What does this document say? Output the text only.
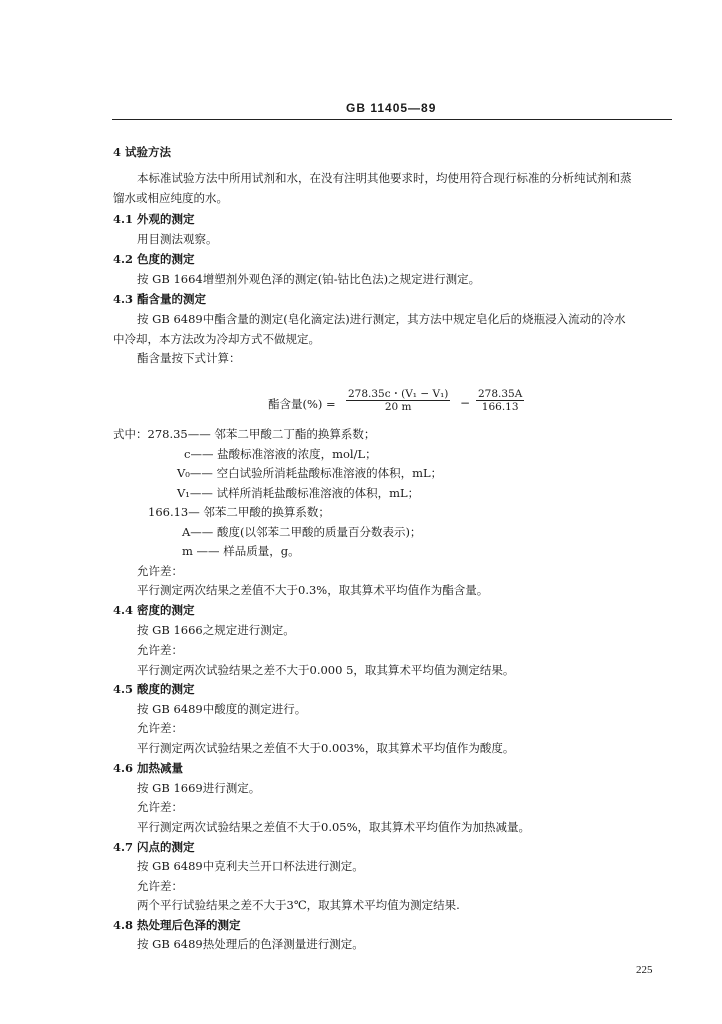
GB 11405—89
4 试验方法
本标准试验方法中所用试剂和水，在没有注明其他要求时，均使用符合现行标准的分析纯试剂和蒸
馏水或相应纯度的水。
4.1 外观的测定
用目测法观察。
4.2 色度的测定
按 GB 1664增塑剂外观色泽的测定(铂-钴比色法)之规定进行测定。
4.3 酯含量的测定
按 GB 6489中酯含量的测定(皂化滴定法)进行测定，其方法中规定皂化后的烧瓶浸入流动的冷水
中冷却，本方法改为冷却方式不做规定。
酯含量按下式计算：
酯含量(%) = $\frac{\text{278.35c・(V₁ − V₁)}}{20 m} - \frac{278.35A}{166.13}$
式中：278.35—— 邻苯二甲酸二丁酯的换算系数；
c—— 盐酸标准溶液的浓度，mol/L；
V₀—— 空白试验所消耗盐酸标准溶液的体积，mL；
V₁—— 试样所消耗盐酸标准溶液的体积，mL；
166.13— 邻苯二甲酸的换算系数；
A—— 酸度(以邻苯二甲酸的质量百分数表示)；
m —— 样品质量，g。
允许差：
平行测定两次结果之差值不大于0.3%，取其算术平均值作为酯含量。
4.4 密度的测定
按 GB 1666之规定进行测定。
允许差：
平行测定两次试验结果之差不大于0.000 5，取其算术平均值为测定结果。
4.5 酸度的测定
按 GB 6489中酸度的测定进行。
允许差：
平行测定两次试验结果之差值不大于0.003%，取其算术平均值作为酸度。
4.6 加热减量
按 GB 1669进行测定。
允许差：
平行测定两次试验结果之差值不大于0.05%，取其算术平均值作为加热减量。
4.7 闪点的测定
按 GB 6489中克利夫兰开口杯法进行测定。
允许差：
两个平行试验结果之差不大于3℃，取其算术平均值为测定结果.
4.8 热处理后色泽的测定
按 GB 6489热处理后的色泽测量进行测定。
225
